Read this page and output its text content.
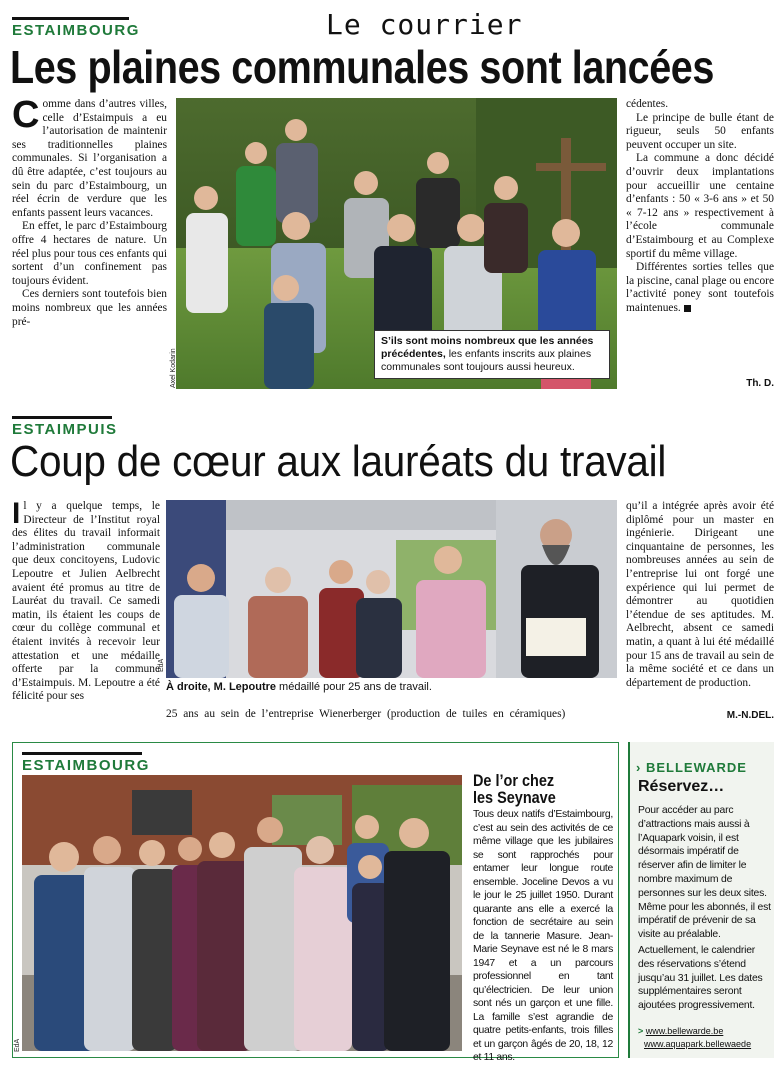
Le courrier
ESTAIMBOURG
Les plaines communales sont lancées

Comme dans d’autres villes, celle d’Estaimpuis a eu l’autorisation de maintenir ses traditionnelles plaines communales. Si l’organisation a dû être adaptée, c’est toujours au sein du parc d’Estaimbourg, un réel écrin de verdure que les enfants passent leurs vacances.

En effet, le parc d’Estaimbourg offre 4 hectares de nature. Un réel plus pour tous ces enfants qui sortent d’un confinement pas toujours évident.

Ces derniers sont toutefois bien moins nombreux que les années pré-

S’ils sont moins nombreux que les années précédentes, les enfants inscrits aux plaines communales sont toujours aussi heureux.
Axel Kodarin

cédentes.

Le principe de bulle étant de rigueur, seuls 50 enfants peuvent occuper un site.

La commune a donc décidé d’ouvrir deux implantations pour accueillir une centaine d’enfants : 50 « 3-6 ans » et 50 « 7-12 ans » respectivement à l’école communale d’Estaimbourg et au Complexe sportif du même village.

Différentes sorties telles que la piscine, canal plage ou encore l’activité poney sont toutefois maintenues.

Th. D.
ESTAIMPUIS
Coup de cœur aux lauréats du travail

Il y a quelque temps, le Directeur de l’Institut royal des élites du travail informait l’administration communale que deux concitoyens, Ludovic Lepoutre et Julien Aelbrecht avaient été promus au titre de Lauréat du travail. Ce samedi matin, ils étaient les coups de cœur du collège communal et étaient invités à recevoir leur attestation et une médaille offerte par la commune d’Estaimpuis. M. Lepoutre a été félicité pour ses

EdA
À droite, M. Lepoutre médaillé pour 25 ans de travail.
25 ans au sein de l’entreprise Wienerberger (production de tuiles en céramiques)

qu’il a intégrée après avoir été diplômé pour un master en ingénierie. Dirigeant une cinquantaine de personnes, les nombreuses années au sein de l’entreprise lui ont forgé une expérience qui lui permet de démontrer au quotidien l’étendue de ses aptitudes. M. Aelbrecht, absent ce samedi matin, a quant à lui été médaillé pour 15 ans de travail au sein de la même société et ce dans un département de production.

M.-N.DEL.
ESTAIMBOURG
EdA
De l’or chez les Seynave
Tous deux natifs d’Estaimbourg, c’est au sein des activités de ce même village que les jubilaires se sont rapprochés pour entamer leur longue route ensemble. Joceline Devos a vu le jour le 25 juillet 1950. Durant quarante ans elle a exercé la fonction de secrétaire au sein de la tannerie Masure. Jean-Marie Seynave est né le 8 mars 1947 et a un parcours professionnel en tant qu’électricien. De leur union sont nés un garçon et une fille. La famille s’est agrandie de quatre petits-enfants, trois filles et un garçon âgés de 20, 18, 12 et 11 ans.
› BELLEWARDE
Réservez…

Pour accéder au parc d’attractions mais aussi à l’Aquapark voisin, il est désormais impératif de réserver afin de limiter le nombre maximum de personnes sur les deux sites. Même pour les abonnés, il est impératif de prévenir de sa visite au préalable.

Actuellement, le calendrier des réservations s’étend jusqu’au 31 juillet. Les dates supplémentaires seront ajoutées progressivement.

> www.bellewarde.be
www.aquapark.bellewaede
